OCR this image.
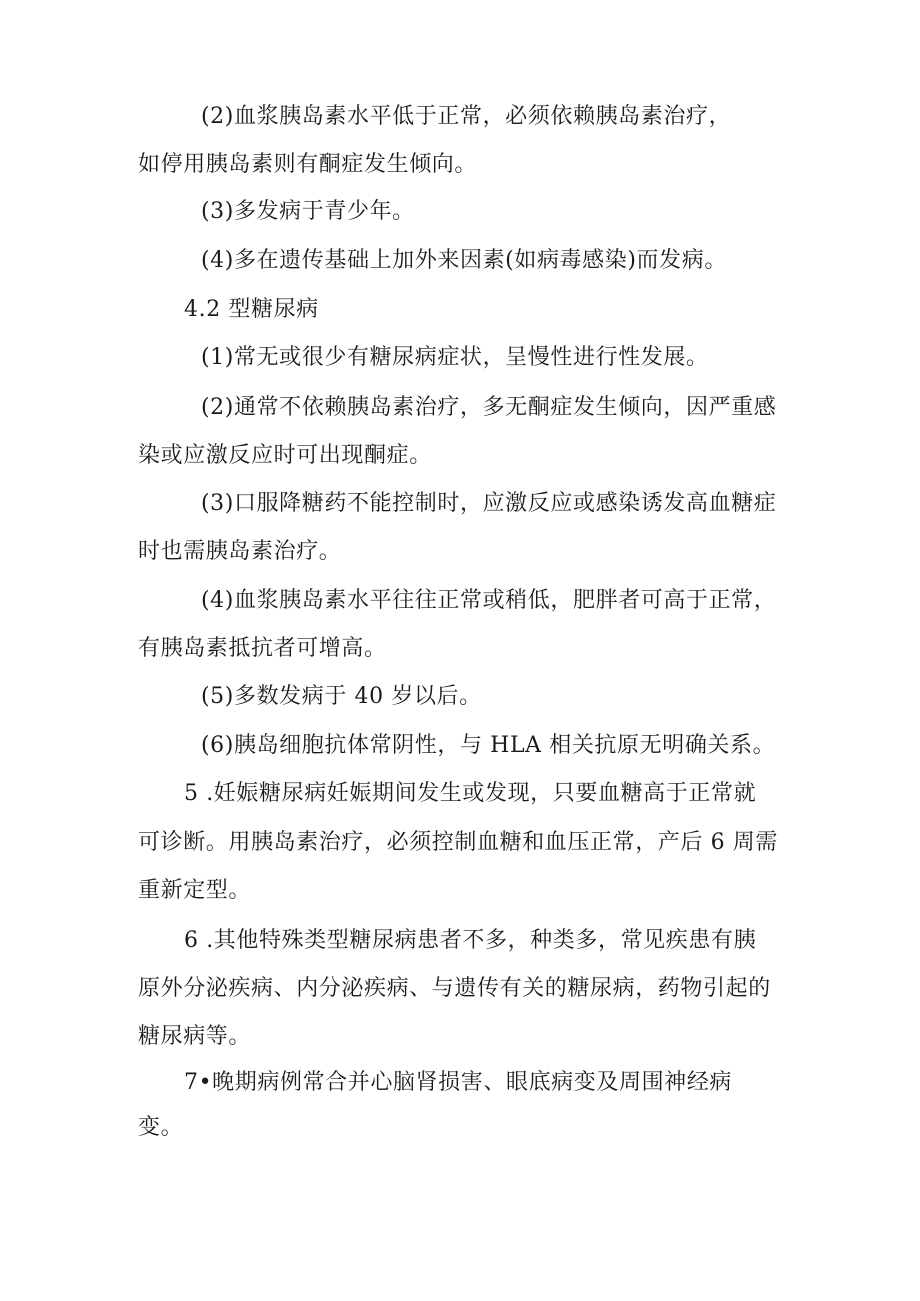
(2)血浆胰岛素水平低于正常，必须依赖胰岛素治疗，
如停用胰岛素则有酮症发生倾向。
(3)多发病于青少年。
(4)多在遗传基础上加外来因素(如病毒感染)而发病。
4.2 型糖尿病
(1)常无或很少有糖尿病症状，呈慢性进行性发展。
(2)通常不依赖胰岛素治疗，多无酮症发生倾向，因严重感
染或应激反应时可出现酮症。
(3)口服降糖药不能控制时，应激反应或感染诱发高血糖症
时也需胰岛素治疗。
(4)血浆胰岛素水平往往正常或稍低，肥胖者可高于正常，
有胰岛素抵抗者可增高。
(5)多数发病于 40 岁以后。
(6)胰岛细胞抗体常阴性，与 HLA 相关抗原无明确关系。
5 .妊娠糖尿病妊娠期间发生或发现，只要血糖高于正常就
可诊断。用胰岛素治疗，必须控制血糖和血压正常，产后 6 周需
重新定型。
6 .其他特殊类型糖尿病患者不多，种类多，常见疾患有胰
原外分泌疾病、内分泌疾病、与遗传有关的糖尿病，药物引起的
糖尿病等。
7•晚期病例常合并心脑肾损害、眼底病变及周围神经病
变。
